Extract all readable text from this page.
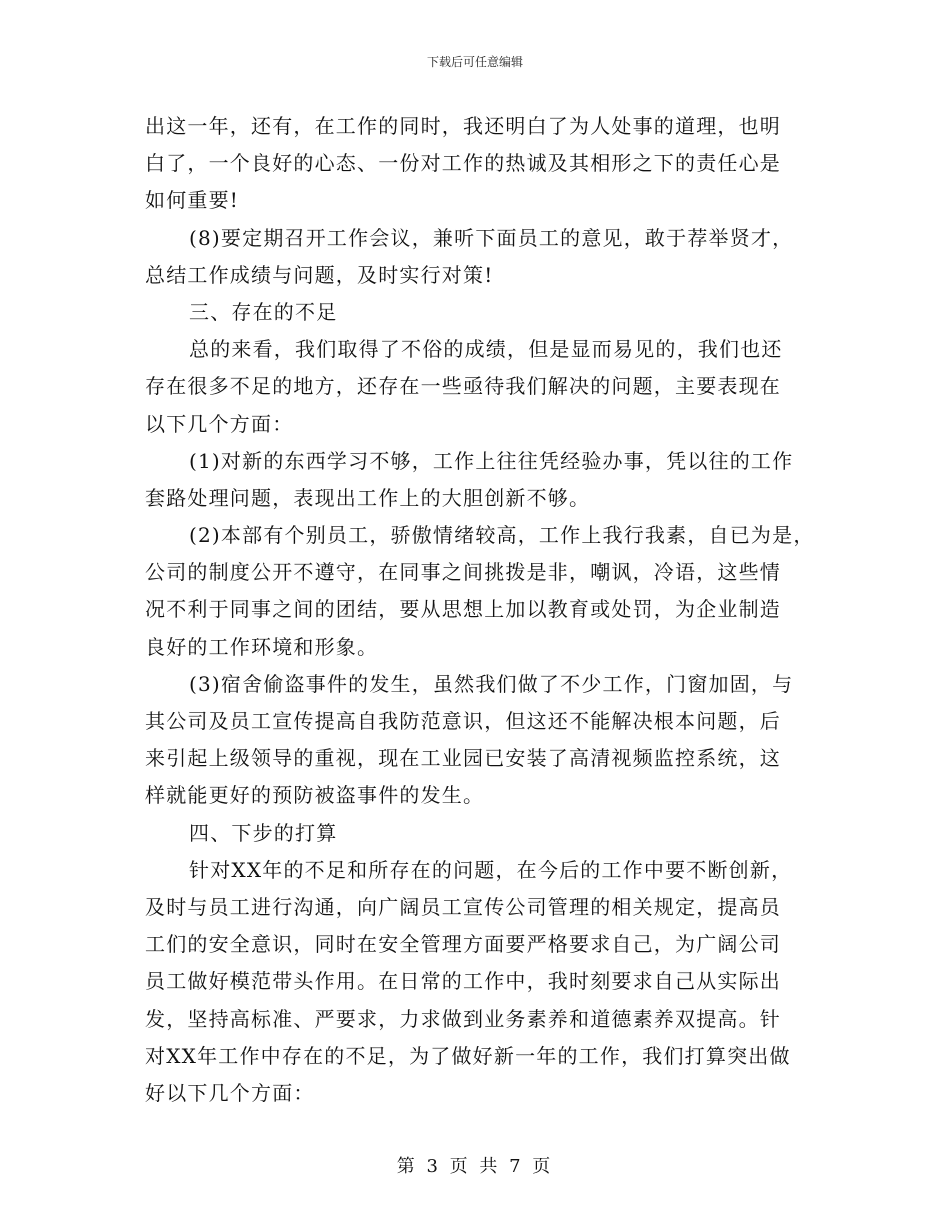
下载后可任意编辑
出这一年，还有，在工作的同时，我还明白了为人处事的道理，也明
白了，一个良好的心态、一份对工作的热诚及其相形之下的责任心是
如何重要!
(8)要定期召开工作会议，兼听下面员工的意见，敢于荐举贤才，
总结工作成绩与问题，及时实行对策!
三、存在的不足
总的来看，我们取得了不俗的成绩，但是显而易见的，我们也还
存在很多不足的地方，还存在一些亟待我们解决的问题，主要表现在
以下几个方面：
(1)对新的东西学习不够，工作上往往凭经验办事，凭以往的工作
套路处理问题，表现出工作上的大胆创新不够。
(2)本部有个别员工，骄傲情绪较高，工作上我行我素，自已为是，
公司的制度公开不遵守，在同事之间挑拨是非，嘲讽，冷语，这些情
况不利于同事之间的团结，要从思想上加以教育或处罚，为企业制造
良好的工作环境和形象。
(3)宿舍偷盗事件的发生，虽然我们做了不少工作，门窗加固，与
其公司及员工宣传提高自我防范意识，但这还不能解决根本问题，后
来引起上级领导的重视，现在工业园已安装了高清视频监控系统，这
样就能更好的预防被盗事件的发生。
四、下步的打算
针对XX年的不足和所存在的问题，在今后的工作中要不断创新，
及时与员工进行沟通，向广阔员工宣传公司管理的相关规定，提高员
工们的安全意识，同时在安全管理方面要严格要求自己，为广阔公司
员工做好模范带头作用。在日常的工作中，我时刻要求自己从实际出
发，坚持高标准、严要求，力求做到业务素养和道德素养双提高。针
对XX年工作中存在的不足，为了做好新一年的工作，我们打算突出做
好以下几个方面：
第 3 页 共 7 页
